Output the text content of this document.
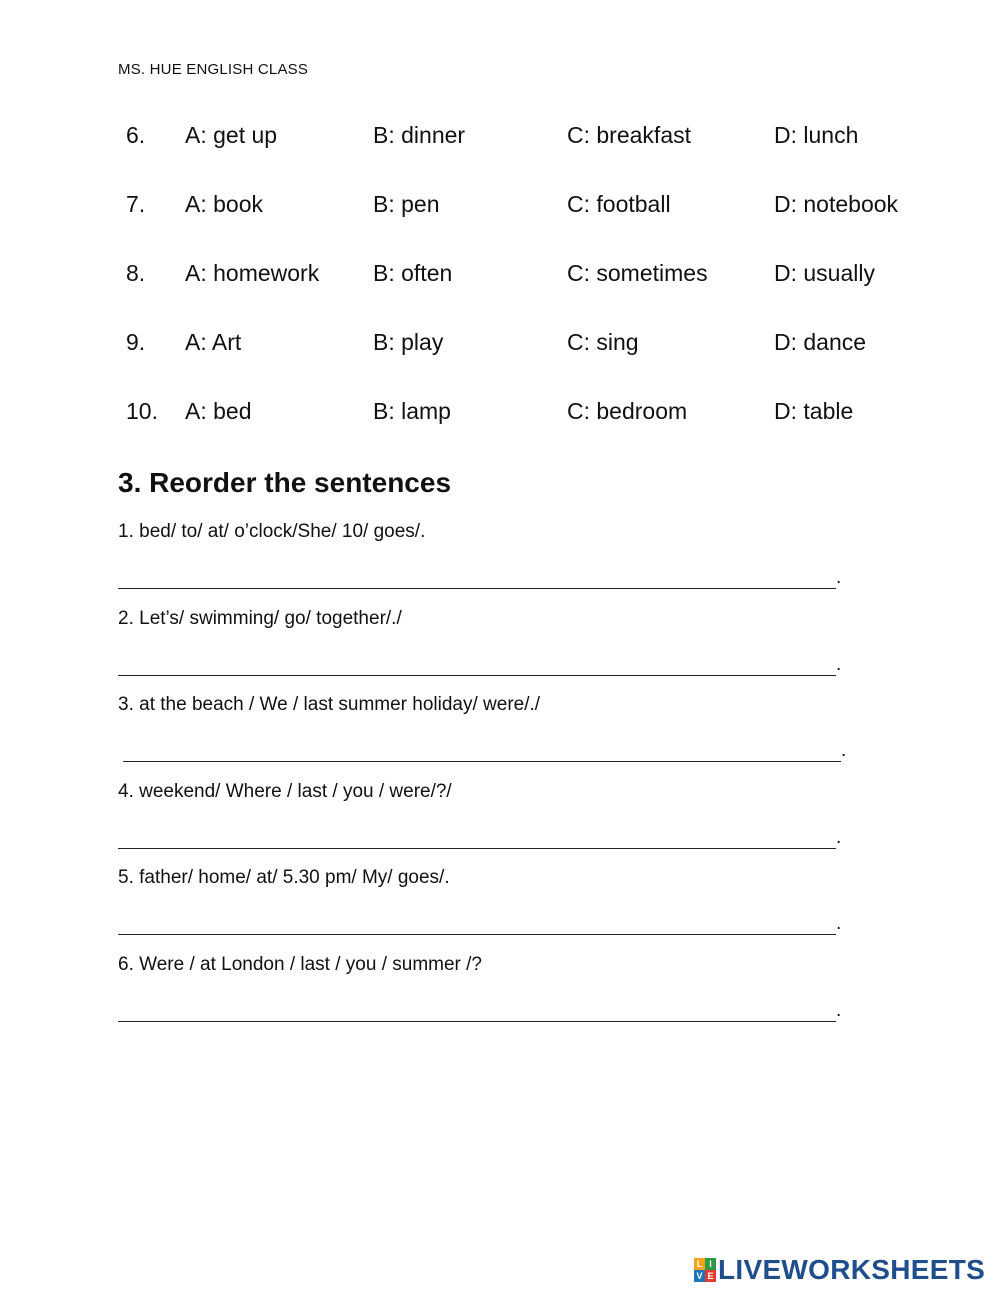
MS. HUE ENGLISH CLASS
6. A: get up	B: dinner	C: breakfast	D: lunch
7. A: book	B: pen	C: football	D: notebook
8. A: homework B: often	C: sometimes	D: usually
9. A: Art	B: play	C: sing	D: dance
10. A: bed	B: lamp	C: bedroom	D: table
3. Reorder the sentences
1. bed/ to/ at/ o’clock/She/ 10/ goes/.
.
2. Let’s/ swimming/ go/ together/./
.
3. at the beach / We / last summer holiday/ were/./
.
4. weekend/ Where / last / you / were/?/
.
5. father/ home/ at/ 5.30 pm/ My/ goes/.
.
6. Were / at London / last / you / summer /?
.
L I
V E LIVEWORKSHEETS
